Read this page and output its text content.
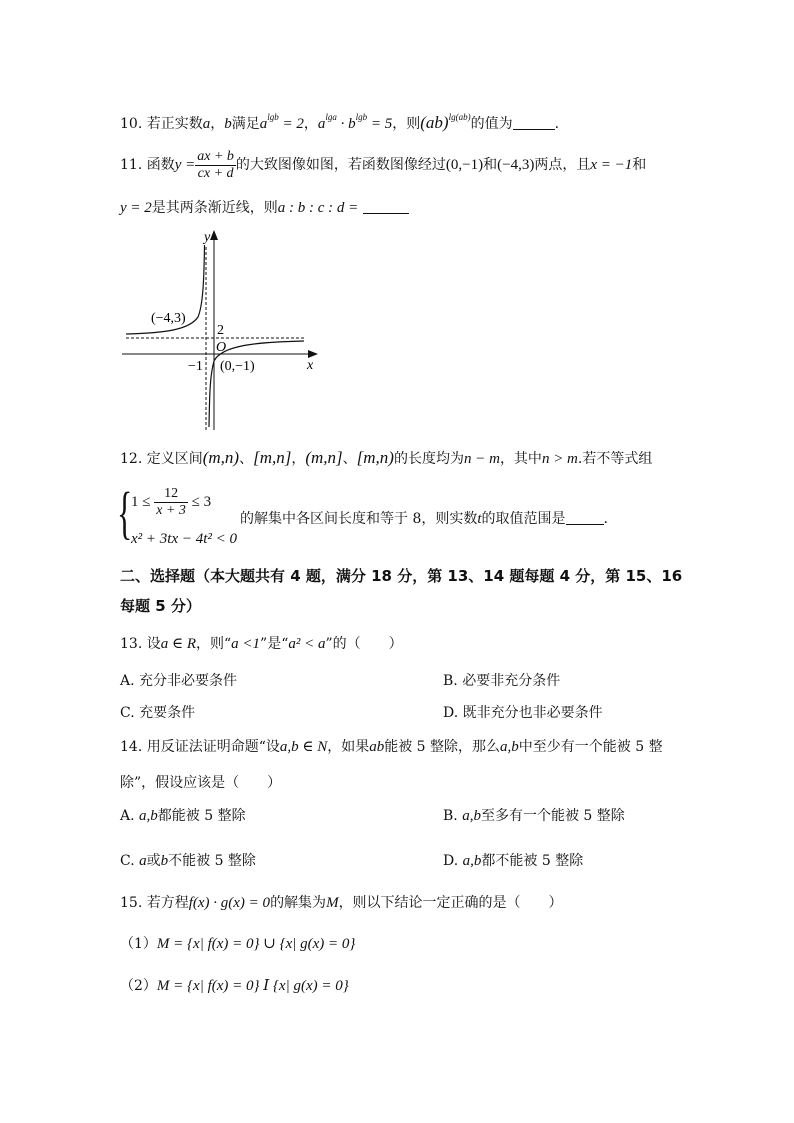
10. 若正实数a，b满足$a^{lgb} = 2$，$a^{lga} \cdot b^{lgb} = 5$，则(ab)$^{lg(ab)}$的值为	.
11. 函数$y = \frac{ax + b}{cx + d}$ 的大致图像如图，若函数图像经过(0,−1)和(−4,3)两点，且x = −1和
y = 2是其两条渐近线，则a : b : c : d =
y
x
O
(−4,3)
2
−1 (0,−1)
12. 定义区间(m,n)、[m,n]，(m,n]、[m,n)的长度均为n − m，其中n > m.若不等式组
{
$1 \le \frac{12}{x + 3} \le 3$
x² + 3tx − 4t² < 0
的解集中各区间长度和等于 8，则实数t的取值范围是	.
二、选择题（本大题共有 4 题，满分 18 分，第 13、14 题每题 4 分，第 15、16
每题 5 分）
13. 设a ∈ R，则“a <1”是“a² < a”的（　　）
A. 充分非必要条件	B. 必要非充分条件
C. 充要条件	D. 既非充分也非必要条件
14. 用反证法证明命题“设a,b ∈ N，如果ab能被 5 整除，那么a,b中至少有一个能被 5 整
除”，假设应该是（　　）
A. a,b都能被 5 整除	B. a,b至多有一个能被 5 整除
C. a或b不能被 5 整除	D. a,b都不能被 5 整除
15. 若方程f(x) · g(x) = 0的解集为M，则以下结论一定正确的是（　　）
（1）M = {x| f(x) = 0} ∪ {x| g(x) = 0}
（2）M = {x| f(x) = 0} Ⅰ {x| g(x) = 0}
